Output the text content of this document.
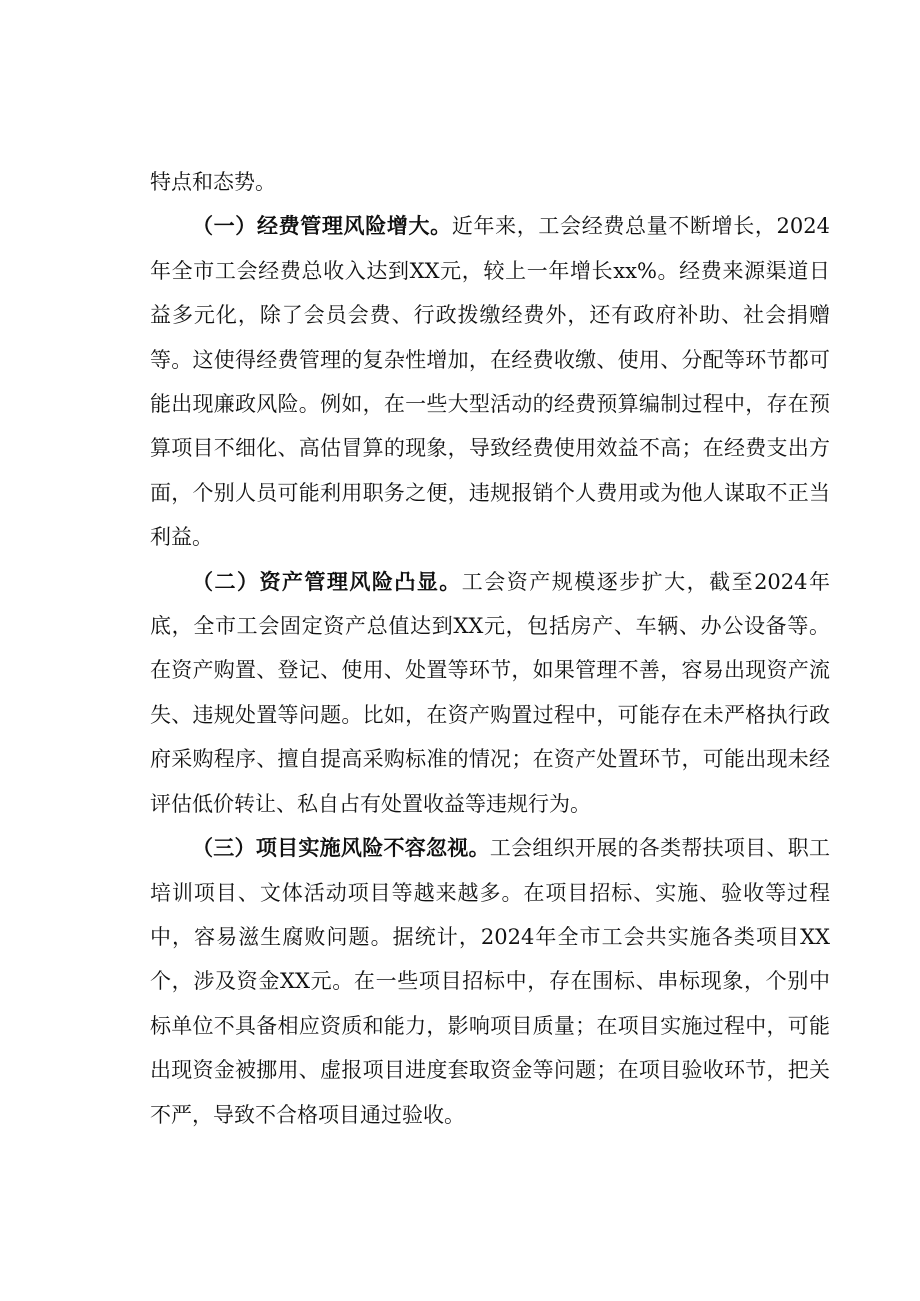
特点和态势。

（一）经费管理风险增大。近年来，工会经费总量不断增长，2024年全市工会经费总收入达到XX元，较上一年增长xx%。经费来源渠道日益多元化，除了会员会费、行政拨缴经费外，还有政府补助、社会捐赠等。这使得经费管理的复杂性增加，在经费收缴、使用、分配等环节都可能出现廉政风险。例如，在一些大型活动的经费预算编制过程中，存在预算项目不细化、高估冒算的现象，导致经费使用效益不高；在经费支出方面，个别人员可能利用职务之便，违规报销个人费用或为他人谋取不正当利益。

（二）资产管理风险凸显。工会资产规模逐步扩大，截至2024年底，全市工会固定资产总值达到XX元，包括房产、车辆、办公设备等。在资产购置、登记、使用、处置等环节，如果管理不善，容易出现资产流失、违规处置等问题。比如，在资产购置过程中，可能存在未严格执行政府采购程序、擅自提高采购标准的情况；在资产处置环节，可能出现未经评估低价转让、私自占有处置收益等违规行为。

（三）项目实施风险不容忽视。工会组织开展的各类帮扶项目、职工培训项目、文体活动项目等越来越多。在项目招标、实施、验收等过程中，容易滋生腐败问题。据统计，2024年全市工会共实施各类项目XX个，涉及资金XX元。在一些项目招标中，存在围标、串标现象，个别中标单位不具备相应资质和能力，影响项目质量；在项目实施过程中，可能出现资金被挪用、虚报项目进度套取资金等问题；在项目验收环节，把关不严，导致不合格项目通过验收。
